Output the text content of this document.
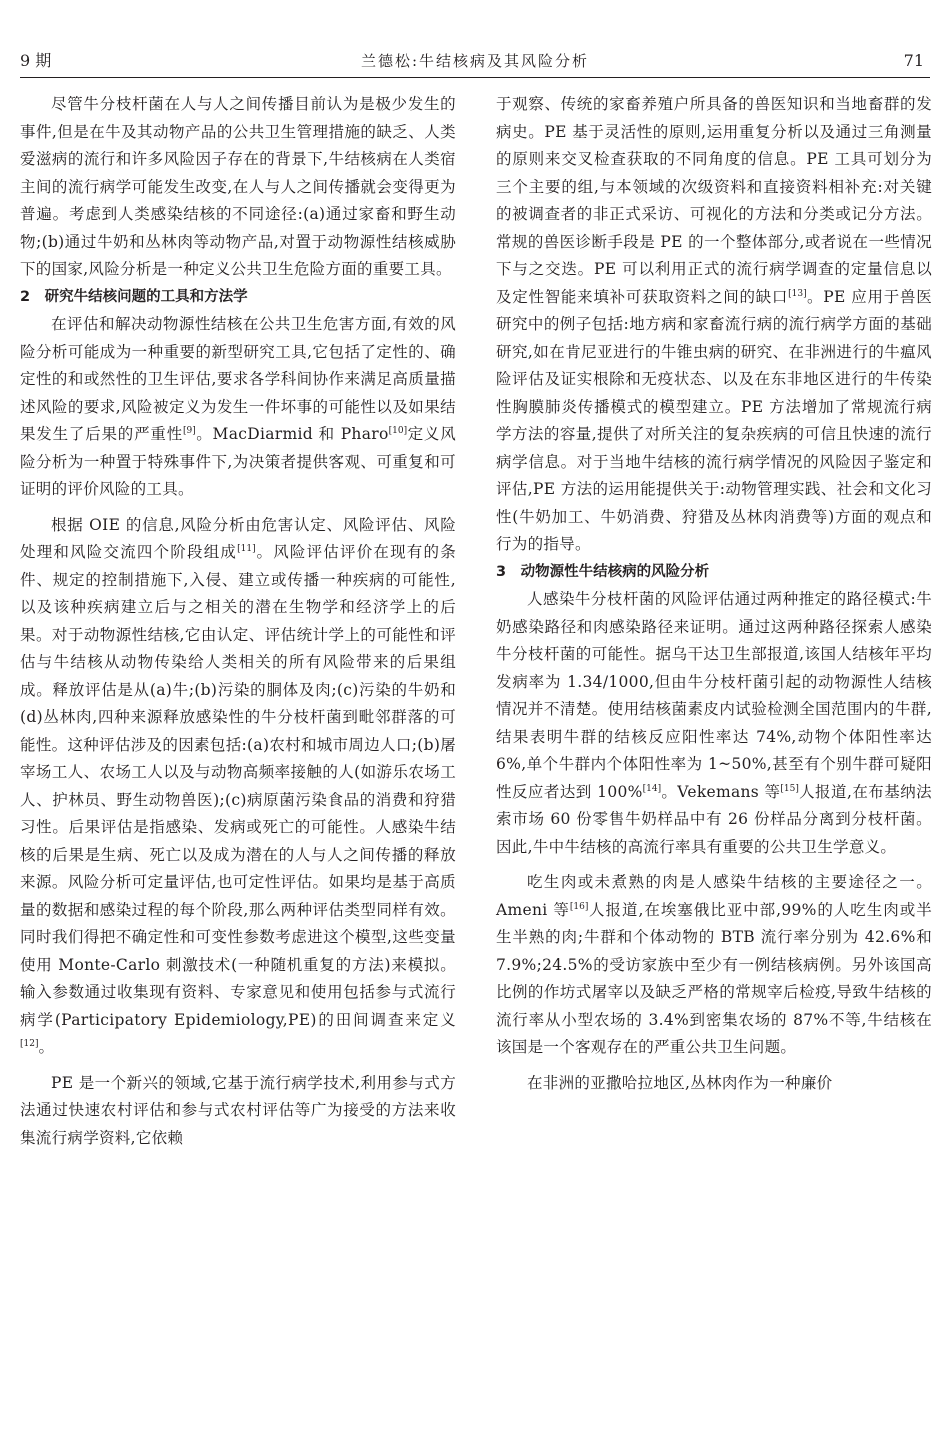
9 期	兰德松:牛结核病及其风险分析	71

尽管牛分枝杆菌在人与人之间传播目前认为是极少发生的事件,但是在牛及其动物产品的公共卫生管理措施的缺乏、人类爱滋病的流行和许多风险因子存在的背景下,牛结核病在人类宿主间的流行病学可能发生改变,在人与人之间传播就会变得更为普遍。考虑到人类感染结核的不同途径:(a)通过家畜和野生动物;(b)通过牛奶和丛林肉等动物产品,对置于动物源性结核威胁下的国家,风险分析是一种定义公共卫生危险方面的重要工具。

2　研究牛结核问题的工具和方法学

在评估和解决动物源性结核在公共卫生危害方面,有效的风险分析可能成为一种重要的新型研究工具,它包括了定性的、确定性的和或然性的卫生评估,要求各学科间协作来满足高质量描述风险的要求,风险被定义为发生一件坏事的可能性以及如果结果发生了后果的严重性[9]。MacDiarmid 和 Pharo[10]定义风险分析为一种置于特殊事件下,为决策者提供客观、可重复和可证明的评价风险的工具。

根据 OIE 的信息,风险分析由危害认定、风险评估、风险处理和风险交流四个阶段组成[11]。风险评估评价在现有的条件、规定的控制措施下,入侵、建立或传播一种疾病的可能性,以及该种疾病建立后与之相关的潜在生物学和经济学上的后果。对于动物源性结核,它由认定、评估统计学上的可能性和评估与牛结核从动物传染给人类相关的所有风险带来的后果组成。释放评估是从(a)牛;(b)污染的胴体及肉;(c)污染的牛奶和(d)丛林肉,四种来源释放感染性的牛分枝杆菌到毗邻群落的可能性。这种评估涉及的因素包括:(a)农村和城市周边人口;(b)屠宰场工人、农场工人以及与动物高频率接触的人(如游乐农场工人、护林员、野生动物兽医);(c)病原菌污染食品的消费和狩猎习性。后果评估是指感染、发病或死亡的可能性。人感染牛结核的后果是生病、死亡以及成为潜在的人与人之间传播的释放来源。风险分析可定量评估,也可定性评估。如果均是基于高质量的数据和感染过程的每个阶段,那么两种评估类型同样有效。同时我们得把不确定性和可变性参数考虑进这个模型,这些变量使用 Monte-Carlo 刺激技术(一种随机重复的方法)来模拟。输入参数通过收集现有资料、专家意见和使用包括参与式流行病学(Participatory Epidemiology,PE)的田间调查来定义[12]。

PE 是一个新兴的领域,它基于流行病学技术,利用参与式方法通过快速农村评估和参与式农村评估等广为接受的方法来收集流行病学资料,它依赖

于观察、传统的家畜养殖户所具备的兽医知识和当地畜群的发病史。PE 基于灵活性的原则,运用重复分析以及通过三角测量的原则来交叉检查获取的不同角度的信息。PE 工具可划分为三个主要的组,与本领域的次级资料和直接资料相补充:对关键的被调查者的非正式采访、可视化的方法和分类或记分方法。常规的兽医诊断手段是 PE 的一个整体部分,或者说在一些情况下与之交迭。PE 可以利用正式的流行病学调查的定量信息以及定性智能来填补可获取资料之间的缺口[13]。PE 应用于兽医研究中的例子包括:地方病和家畜流行病的流行病学方面的基础研究,如在肯尼亚进行的牛锥虫病的研究、在非洲进行的牛瘟风险评估及证实根除和无疫状态、以及在东非地区进行的牛传染性胸膜肺炎传播模式的模型建立。PE 方法增加了常规流行病学方法的容量,提供了对所关注的复杂疾病的可信且快速的流行病学信息。对于当地牛结核的流行病学情况的风险因子鉴定和评估,PE 方法的运用能提供关于:动物管理实践、社会和文化习性(牛奶加工、牛奶消费、狩猎及丛林肉消费等)方面的观点和行为的指导。

3　动物源性牛结核病的风险分析

人感染牛分枝杆菌的风险评估通过两种推定的路径模式:牛奶感染路径和肉感染路径来证明。通过这两种路径探索人感染牛分枝杆菌的可能性。据乌干达卫生部报道,该国人结核年平均发病率为 1.34/1000,但由牛分枝杆菌引起的动物源性人结核情况并不清楚。使用结核菌素皮内试验检测全国范围内的牛群,结果表明牛群的结核反应阳性率达 74%,动物个体阳性率达 6%,单个牛群内个体阳性率为 1~50%,甚至有个别牛群可疑阳性反应者达到 100%[14]。Vekemans 等[15]人报道,在布基纳法索市场 60 份零售牛奶样品中有 26 份样品分离到分枝杆菌。因此,牛中牛结核的高流行率具有重要的公共卫生学意义。

吃生肉或未煮熟的肉是人感染牛结核的主要途径之一。Ameni 等[16]人报道,在埃塞俄比亚中部,99%的人吃生肉或半生半熟的肉;牛群和个体动物的 BTB 流行率分别为 42.6%和 7.9%;24.5%的受访家族中至少有一例结核病例。另外该国高比例的作坊式屠宰以及缺乏严格的常规宰后检疫,导致牛结核的流行率从小型农场的 3.4%到密集农场的 87%不等,牛结核在该国是一个客观存在的严重公共卫生问题。

在非洲的亚撒哈拉地区,丛林肉作为一种廉价
